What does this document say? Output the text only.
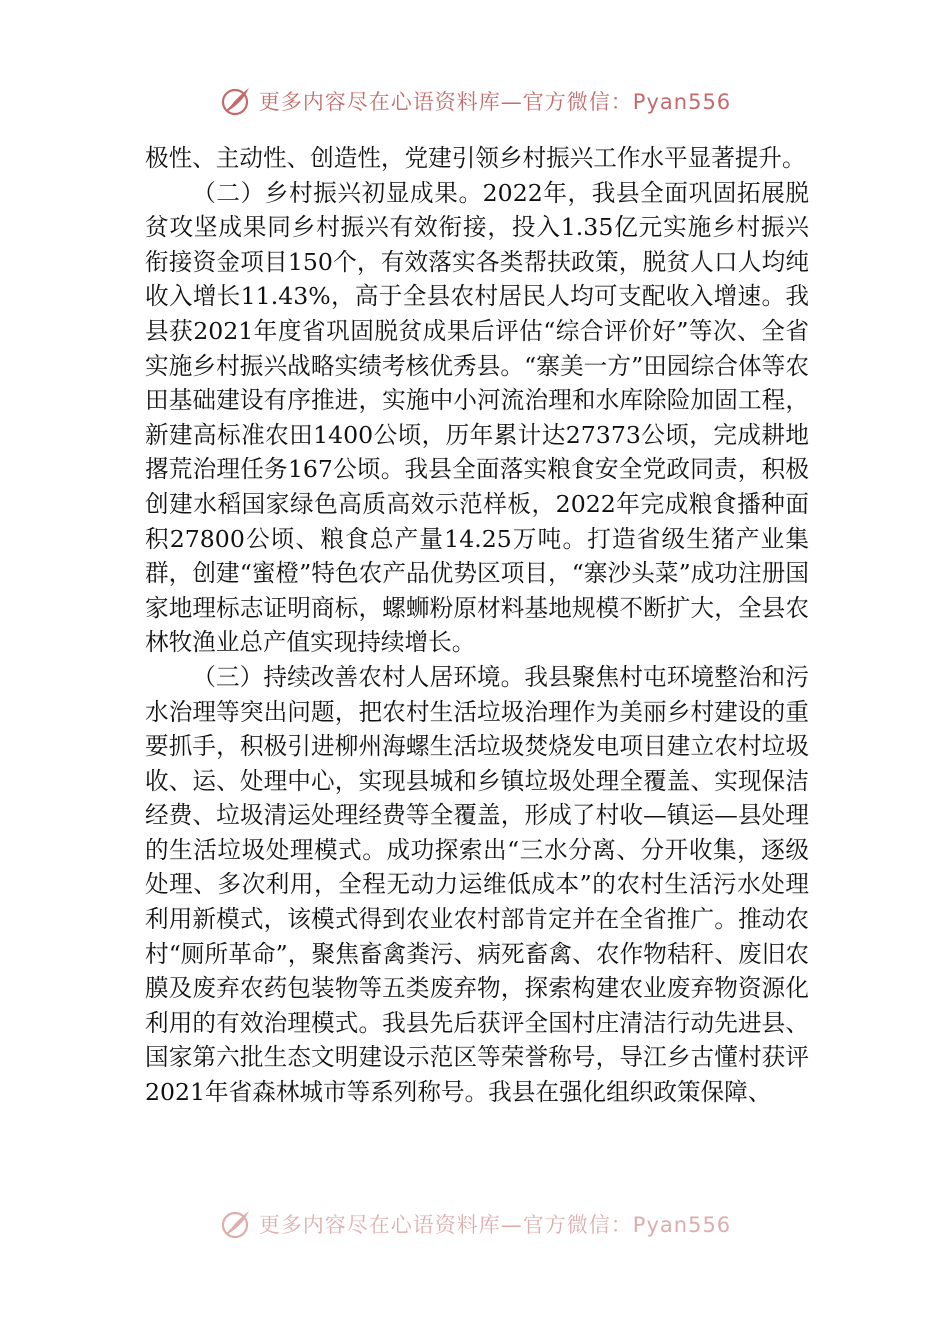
更多内容尽在心语资料库—官方微信：Pyan556

极性、主动性、创造性，党建引领乡村振兴工作水平显著提升。

（二）乡村振兴初显成果。2022年，我县全面巩固拓展脱贫攻坚成果同乡村振兴有效衔接，投入1.35亿元实施乡村振兴衔接资金项目150个，有效落实各类帮扶政策，脱贫人口人均纯收入增长11.43%，高于全县农村居民人均可支配收入增速。我县获2021年度省巩固脱贫成果后评估“综合评价好”等次、全省实施乡村振兴战略实绩考核优秀县。“寨美一方”田园综合体等农田基础建设有序推进，实施中小河流治理和水库除险加固工程，新建高标准农田1400公顷，历年累计达27373公顷，完成耕地撂荒治理任务167公顷。我县全面落实粮食安全党政同责，积极创建水稻国家绿色高质高效示范样板，2022年完成粮食播种面积27800公顷、粮食总产量14.25万吨。打造省级生猪产业集群，创建“蜜橙”特色农产品优势区项目，“寨沙头菜”成功注册国家地理标志证明商标，螺蛳粉原材料基地规模不断扩大，全县农林牧渔业总产值实现持续增长。

（三）持续改善农村人居环境。我县聚焦村屯环境整治和污水治理等突出问题，把农村生活垃圾治理作为美丽乡村建设的重要抓手，积极引进柳州海螺生活垃圾焚烧发电项目建立农村垃圾收、运、处理中心，实现县城和乡镇垃圾处理全覆盖、实现保洁经费、垃圾清运处理经费等全覆盖，形成了村收—镇运—县处理的生活垃圾处理模式。成功探索出“三水分离、分开收集，逐级处理、多次利用，全程无动力运维低成本”的农村生活污水处理利用新模式，该模式得到农业农村部肯定并在全省推广。推动农村“厕所革命”，聚焦畜禽粪污、病死畜禽、农作物秸秆、废旧农膜及废弃农药包装物等五类废弃物，探索构建农业废弃物资源化利用的有效治理模式。我县先后获评全国村庄清洁行动先进县、国家第六批生态文明建设示范区等荣誉称号，导江乡古懂村获评2021年省森林城市等系列称号。我县在强化组织政策保障、

更多内容尽在心语资料库—官方微信：Pyan556
